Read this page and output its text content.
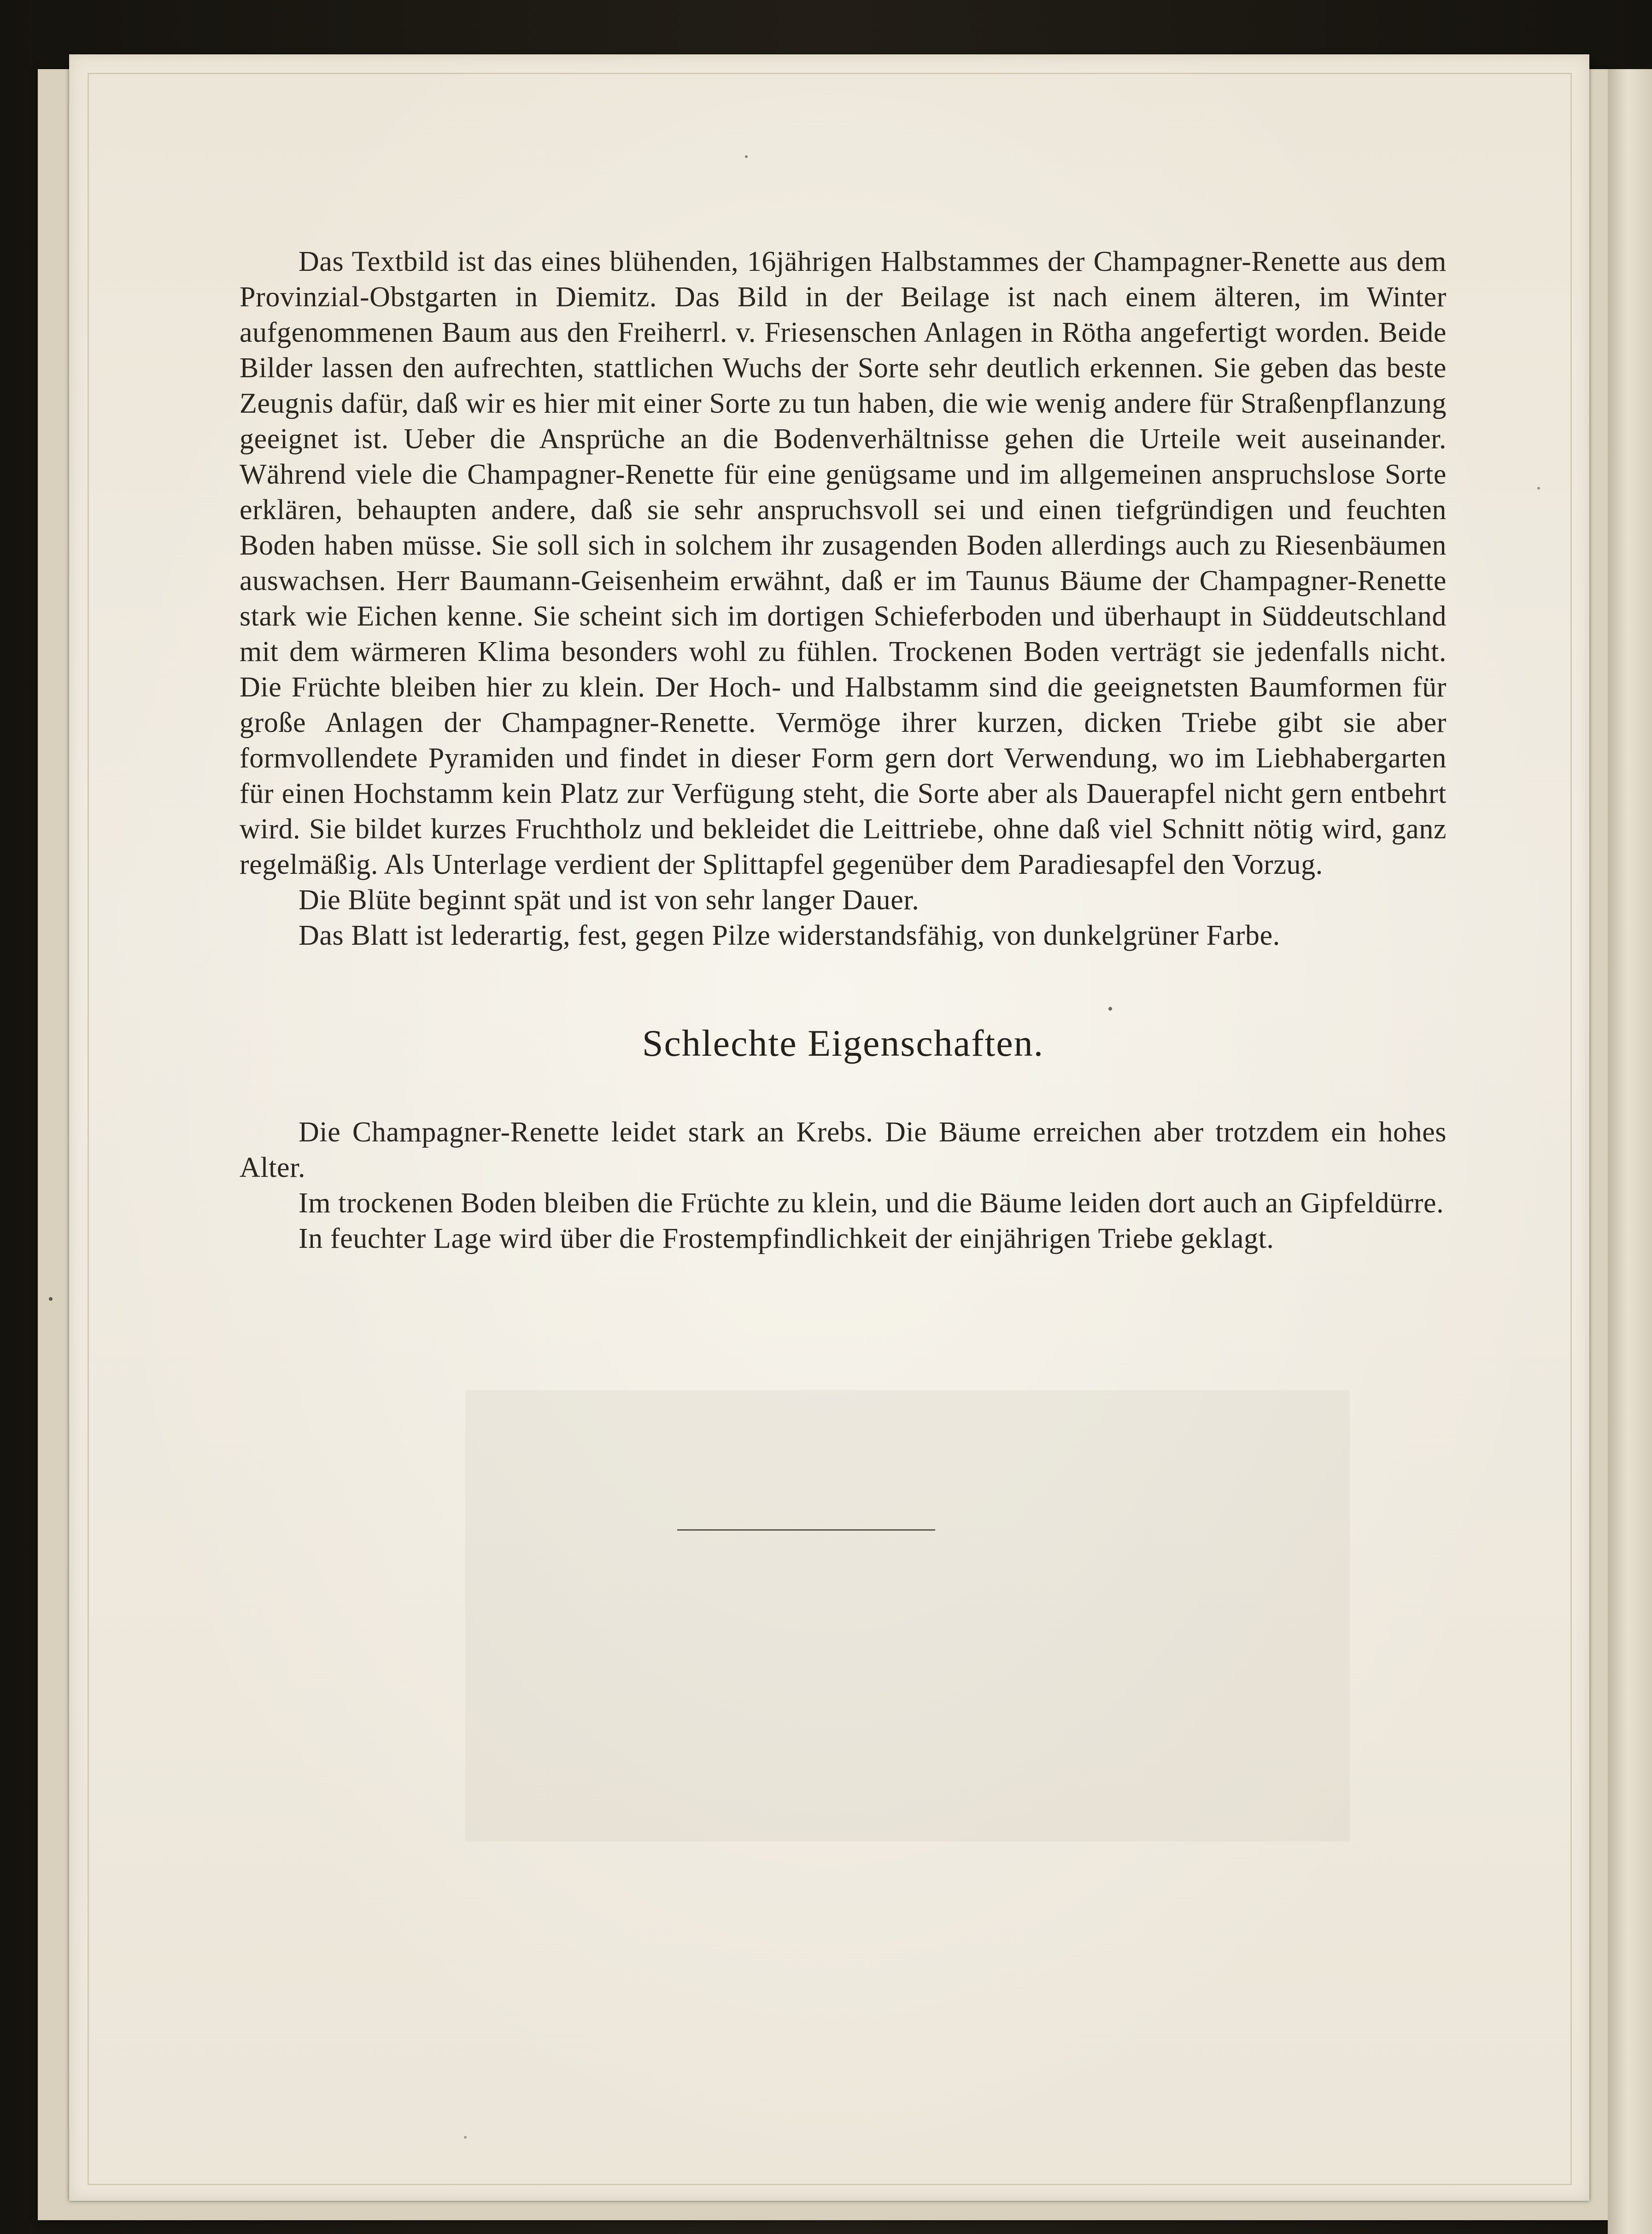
Das Textbild ist das eines blühenden, 16jährigen Halbstammes der Champagner-Renette aus dem Provinzial-Obstgarten in Diemitz. Das Bild in der Beilage ist nach einem älteren, im Winter aufgenommenen Baum aus den Freiherrl. v. Friesenschen Anlagen in Rötha angefertigt worden. Beide Bilder lassen den aufrechten, stattlichen Wuchs der Sorte sehr deutlich erkennen. Sie geben das beste Zeugnis dafür, daß wir es hier mit einer Sorte zu tun haben, die wie wenig andere für Straßenpflanzung geeignet ist. Ueber die Ansprüche an die Bodenverhältnisse gehen die Urteile weit auseinander. Während viele die Champagner-Renette für eine genügsame und im allgemeinen anspruchslose Sorte erklären, behaupten andere, daß sie sehr anspruchsvoll sei und einen tiefgründigen und feuchten Boden haben müsse. Sie soll sich in solchem ihr zusagenden Boden allerdings auch zu Riesenbäumen auswachsen. Herr Baumann-Geisenheim erwähnt, daß er im Taunus Bäume der Champagner-Renette stark wie Eichen kenne. Sie scheint sich im dortigen Schieferboden und überhaupt in Süddeutschland mit dem wärmeren Klima besonders wohl zu fühlen. Trockenen Boden verträgt sie jedenfalls nicht. Die Früchte bleiben hier zu klein. Der Hoch- und Halbstamm sind die geeignetsten Baumformen für große Anlagen der Champagner-Renette. Vermöge ihrer kurzen, dicken Triebe gibt sie aber formvollendete Pyramiden und findet in dieser Form gern dort Verwendung, wo im Liebhabergarten für einen Hochstamm kein Platz zur Verfügung steht, die Sorte aber als Dauerapfel nicht gern entbehrt wird. Sie bildet kurzes Fruchtholz und bekleidet die Leittriebe, ohne daß viel Schnitt nötig wird, ganz regelmäßig. Als Unterlage verdient der Splittapfel gegenüber dem Paradiesapfel den Vorzug.

Die Blüte beginnt spät und ist von sehr langer Dauer.

Das Blatt ist lederartig, fest, gegen Pilze widerstandsfähig, von dunkelgrüner Farbe.

Schlechte Eigenschaften.

Die Champagner-Renette leidet stark an Krebs. Die Bäume erreichen aber trotzdem ein hohes Alter.

Im trockenen Boden bleiben die Früchte zu klein, und die Bäume leiden dort auch an Gipfeldürre.

In feuchter Lage wird über die Frostempfindlichkeit der einjährigen Triebe geklagt.
